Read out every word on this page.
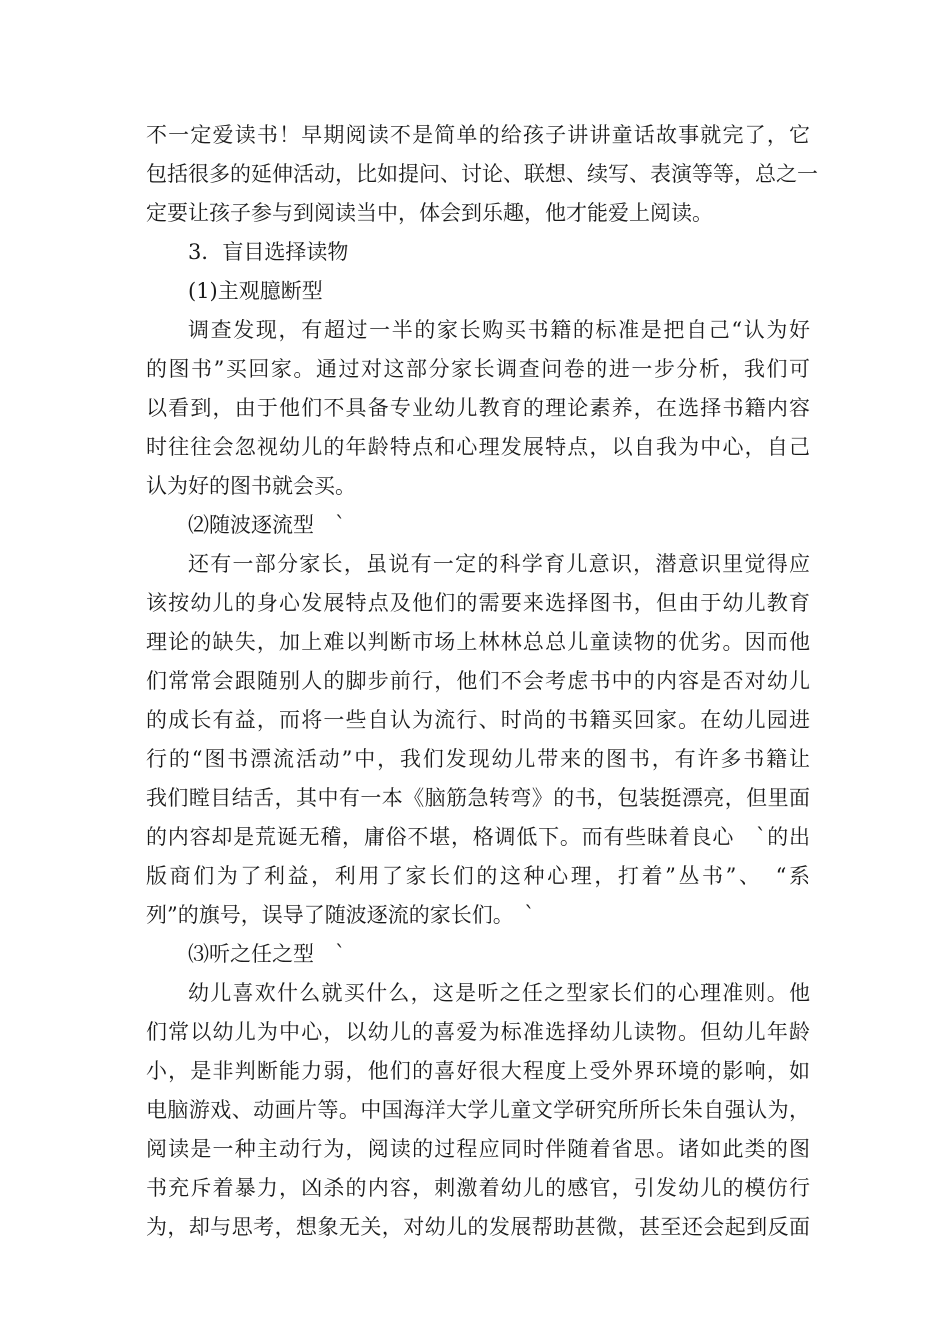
不一定爱读书！早期阅读不是简单的给孩子讲讲童话故事就完了，它
包括很多的延伸活动，比如提问、讨论、联想、续写、表演等等，总之一
定要让孩子参与到阅读当中，体会到乐趣，他才能爱上阅读。
3．盲目选择读物
(1)主观臆断型
调查发现，有超过一半的家长购买书籍的标准是把自己“认为好
的图书”买回家。通过对这部分家长调查问卷的进一步分析，我们可
以看到，由于他们不具备专业幼儿教育的理论素养，在选择书籍内容
时往往会忽视幼儿的年龄特点和心理发展特点，以自我为中心，自己
认为好的图书就会买。
⑵随波逐流型　`
还有一部分家长，虽说有一定的科学育儿意识，潜意识里觉得应
该按幼儿的身心发展特点及他们的需要来选择图书，但由于幼儿教育
理论的缺失，加上难以判断市场上林林总总儿童读物的优劣。因而他
们常常会跟随别人的脚步前行，他们不会考虑书中的内容是否对幼儿
的成长有益，而将一些自认为流行、时尚的书籍买回家。在幼儿园进
行的“图书漂流活动”中，我们发现幼儿带来的图书，有许多书籍让
我们瞠目结舌，其中有一本《脑筋急转弯》的书，包装挺漂亮，但里面
的内容却是荒诞无稽，庸俗不堪，格调低下。而有些昧着良心　`的出
版商们为了利益，利用了家长们的这种心理，打着”丛书”、　“系
列”的旗号，误导了随波逐流的家长们。　`
⑶听之任之型　`
幼儿喜欢什么就买什么，这是听之任之型家长们的心理准则。他
们常以幼儿为中心，以幼儿的喜爱为标准选择幼儿读物。但幼儿年龄
小，是非判断能力弱，他们的喜好很大程度上受外界环境的影响，如
电脑游戏、动画片等。中国海洋大学儿童文学研究所所长朱自强认为，
阅读是一种主动行为，阅读的过程应同时伴随着省思。诸如此类的图
书充斥着暴力，凶杀的内容，刺激着幼儿的感官，引发幼儿的模仿行
为，却与思考，想象无关，对幼儿的发展帮助甚微，甚至还会起到反面
